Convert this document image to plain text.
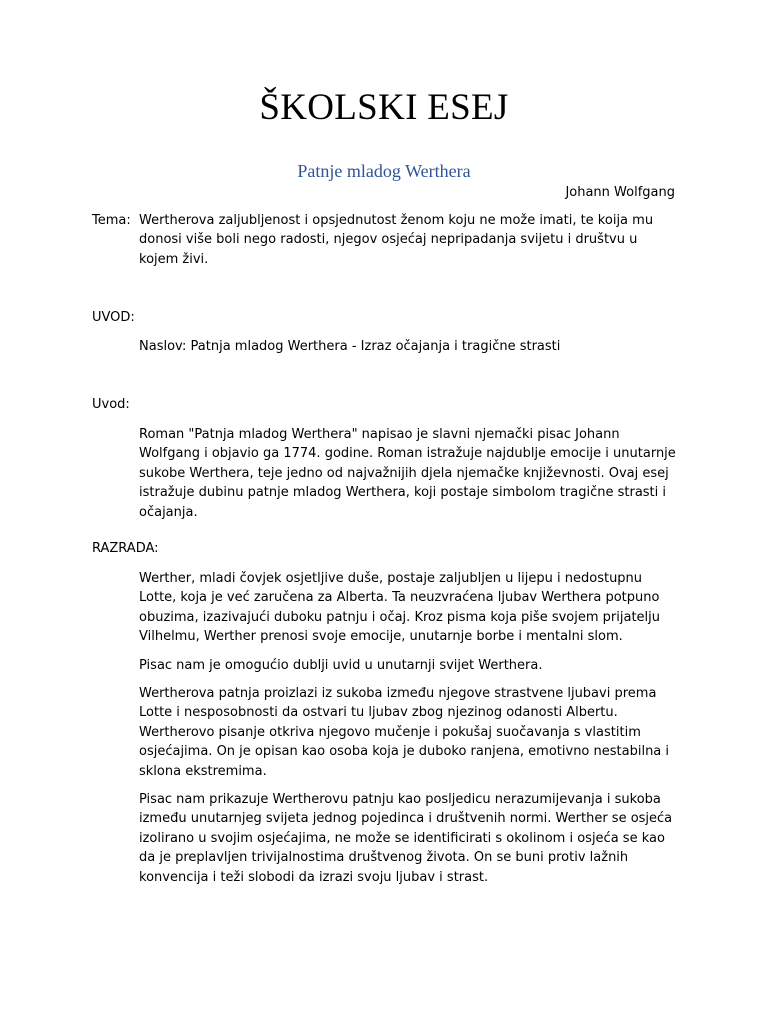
ŠKOLSKI ESEJ
Patnje mladog Werthera
Johann Wolfgang
Tema: Wertherova zaljubljenost i opsjednutost ženom koju ne može imati, te koija mu donosi više boli nego radosti, njegov osjećaj nepripadanja svijetu i društvu u kojem živi.

UVOD:

Naslov: Patnja mladog Werthera - Izraz očajanja i tragične strasti

Uvod:

Roman "Patnja mladog Werthera" napisao je slavni njemački pisac Johann Wolfgang i objavio ga 1774. godine. Roman istražuje najdublje emocije i unutarnje sukobe Werthera, teje jedno od najvažnijih djela njemačke književnosti. Ovaj esej istražuje dubinu patnje mladog Werthera, koji postaje simbolom tragične strasti i očajanja.

RAZRADA:

Werther, mladi čovjek osjetljive duše, postaje zaljubljen u lijepu i nedostupnu Lotte, koja je već zaručena za Alberta. Ta neuzvraćena ljubav Werthera potpuno obuzima, izazivajući duboku patnju i očaj. Kroz pisma koja piše svojem prijatelju Vilhelmu, Werther prenosi svoje emocije, unutarnje borbe i mentalni slom.

Pisac nam je omogućio dublji uvid u unutarnji svijet Werthera.

Wertherova patnja proizlazi iz sukoba između njegove strastvene ljubavi prema Lotte i nesposobnosti da ostvari tu ljubav zbog njezinog odanosti Albertu. Wertherovo pisanje otkriva njegovo mučenje i pokušaj suočavanja s vlastitim osjećajima. On je opisan kao osoba koja je duboko ranjena, emotivno nestabilna i sklona ekstremima.

Pisac nam prikazuje Wertherovu patnju kao posljedicu nerazumijevanja i sukoba između unutarnjeg svijeta jednog pojedinca i društvenih normi. Werther se osjeća izolirano u svojim osjećajima, ne može se identificirati s okolinom i osjeća se kao da je preplavljen trivijalnostima društvenog života. On se buni protiv lažnih konvencija i teži slobodi da izrazi svoju ljubav i strast.
